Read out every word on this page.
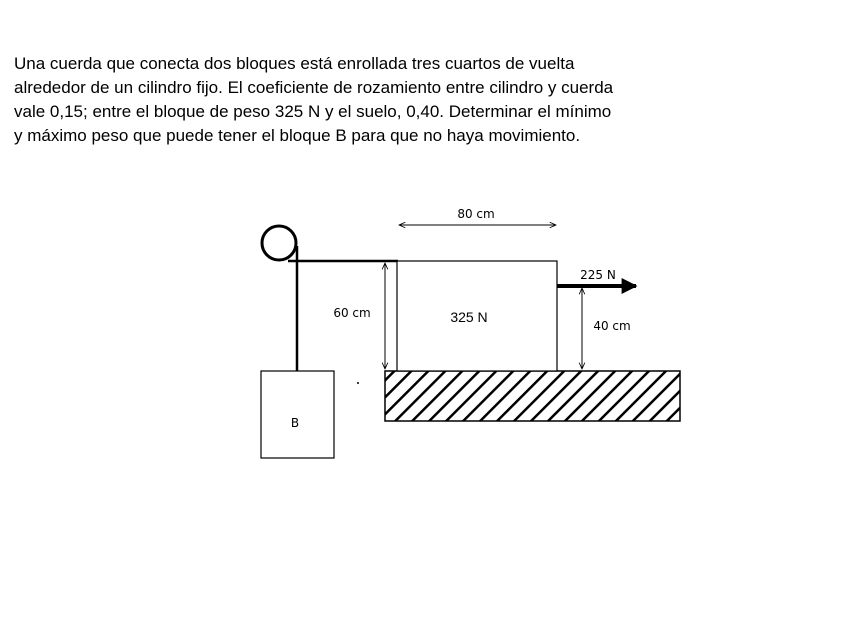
Una cuerda que conecta dos bloques está enrollada tres cuartos de vuelta
alrededor de un cilindro fijo. El coeficiente de rozamiento entre cilindro y cuerda
vale 0,15; entre el bloque de peso 325 N y el suelo, 0,40. Determinar el mínimo
y máximo peso que puede tener el bloque B para que no haya movimiento.
80 cm
60 cm	325 N
225 N
40 cm
B
